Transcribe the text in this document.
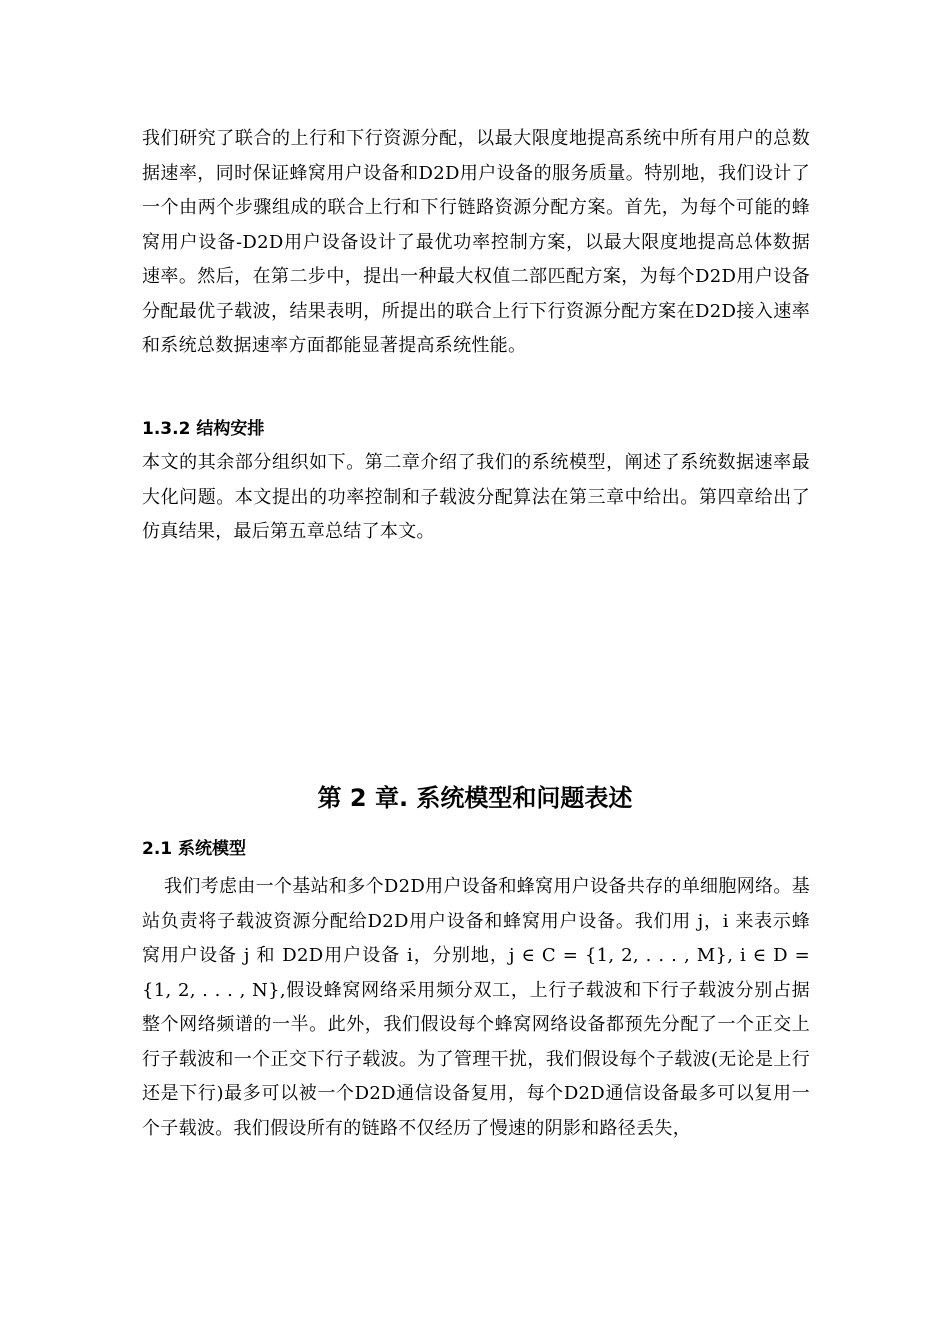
我们研究了联合的上行和下行资源分配，以最大限度地提高系统中所有用户的总数据速率，同时保证蜂窝用户设备和D2D用户设备的服务质量。特别地，我们设计了一个由两个步骤组成的联合上行和下行链路资源分配方案。首先，为每个可能的蜂窝用户设备-D2D用户设备设计了最优功率控制方案，以最大限度地提高总体数据速率。然后，在第二步中，提出一种最大权值二部匹配方案，为每个D2D用户设备分配最优子载波，结果表明，所提出的联合上行下行资源分配方案在D2D接入速率和系统总数据速率方面都能显著提高系统性能。

1.3.2 结构安排

本文的其余部分组织如下。第二章介绍了我们的系统模型，阐述了系统数据速率最大化问题。本文提出的功率控制和子载波分配算法在第三章中给出。第四章给出了仿真结果，最后第五章总结了本文。

第 2 章. 系统模型和问题表述

2.1 系统模型

我们考虑由一个基站和多个D2D用户设备和蜂窝用户设备共存的单细胞网络。基站负责将子载波资源分配给D2D用户设备和蜂窝用户设备。我们用 j，i 来表示蜂窝用户设备 j 和 D2D用户设备 i，分别地，j ∈ C = {1, 2, . . . , M}, i ∈ D = {1, 2, . . . , N},假设蜂窝网络采用频分双工，上行子载波和下行子载波分别占据整个网络频谱的一半。此外，我们假设每个蜂窝网络设备都预先分配了一个正交上行子载波和一个正交下行子载波。为了管理干扰，我们假设每个子载波(无论是上行还是下行)最多可以被一个D2D通信设备复用，每个D2D通信设备最多可以复用一个子载波。我们假设所有的链路不仅经历了慢速的阴影和路径丢失，
